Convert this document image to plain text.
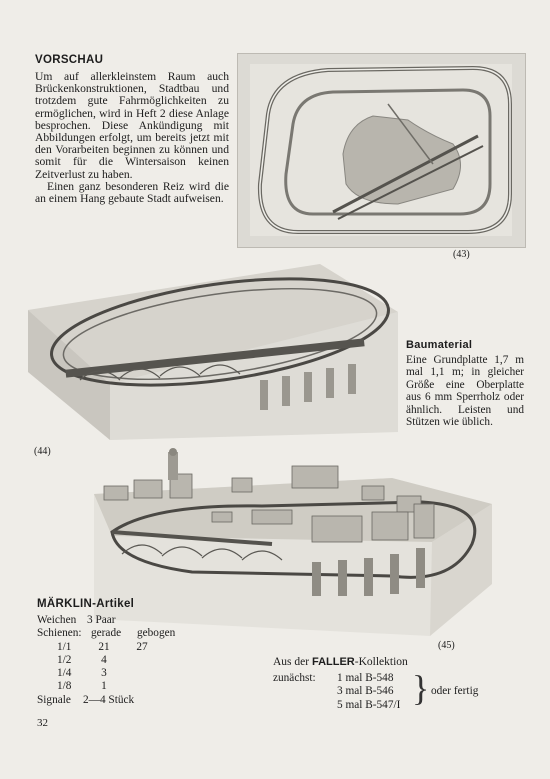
VORSCHAU

Um auf allerkleinstem Raum auch Brückenkonstruktionen, Stadtbau und trotzdem gute Fahrmöglichkeiten zu ermöglichen, wird in Heft 2 diese Anlage besprochen. Diese Ankündigung mit Abbildungen erfolgt, um bereits jetzt mit den Vorarbeiten beginnen zu können und somit für die Wintersaison keinen Zeitverlust zu haben.

Einen ganz besonderen Reiz wird die an einem Hang gebaute Stadt aufweisen.

(43)
(44)
Baumaterial
Eine Grundplatte 1,7 m mal 1,1 m; in gleicher Größe eine Oberplatte aus 6 mm Sperrholz oder ähnlich. Leisten und Stützen wie üblich.
(45)
MÄRKLIN-Artikel
Weichen 3 Paar
Schienen: gerade	gebogen
1/1	21	27
1/2	4
1/4	3
1/8	1
Signale	2—4 Stück
Aus der FALLER-Kollektion
zunächst:	1 mal B-548
3 mal B-546
5 mal B-547/I } oder fertig
32
